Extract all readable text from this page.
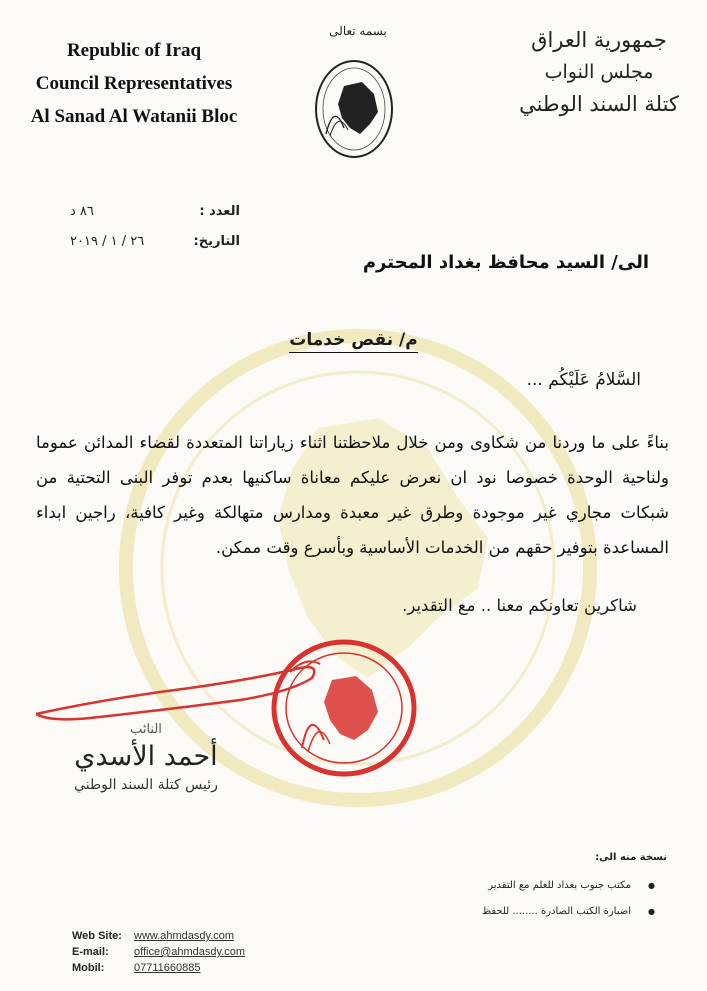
Republic of Iraq
Council Representatives
Al Sanad Al Watanii Bloc
بسمه تعالى	جمهورية العراق
مجلس النواب
كتلة السند الوطني
العدد :
٨٦ د
التاريخ:
٢٦ / ١ / ٢٠١٩
الى/ السيد محافظ بغداد المحترم
م/ نقص خدمات
السَّلامُ عَلَيْكُم ...
بناءً على ما وردنا من شكاوى ومن خلال ملاحظتنا اثناء زياراتنا المتعددة لقضاء المدائن عموما ولناحية الوحدة خصوصا نود ان نعرض عليكم معاناة ساكنيها بعدم توفر البنى التحتية من شبكات مجاري غير موجودة وطرق غير معبدة ومدارس متهالكة وغير كافية، راجين ابداء المساعدة بتوفير حقهم من الخدمات الأساسية وبأسرع وقت ممكن.
شاكرين تعاونكم معنا .. مع التقدير.
النائب
أحمد الأسدي
رئيس كتلة السند الوطني
نسخة منه الى:
● مكتب جنوب بغداد للعلم مع التقدير
● اضبارة الكتب الصادرة ........ للحفظ
Web Site:	www.ahmdasdy.com
E-mail:	office@ahmdasdy.com
Mobil:	07711660885
